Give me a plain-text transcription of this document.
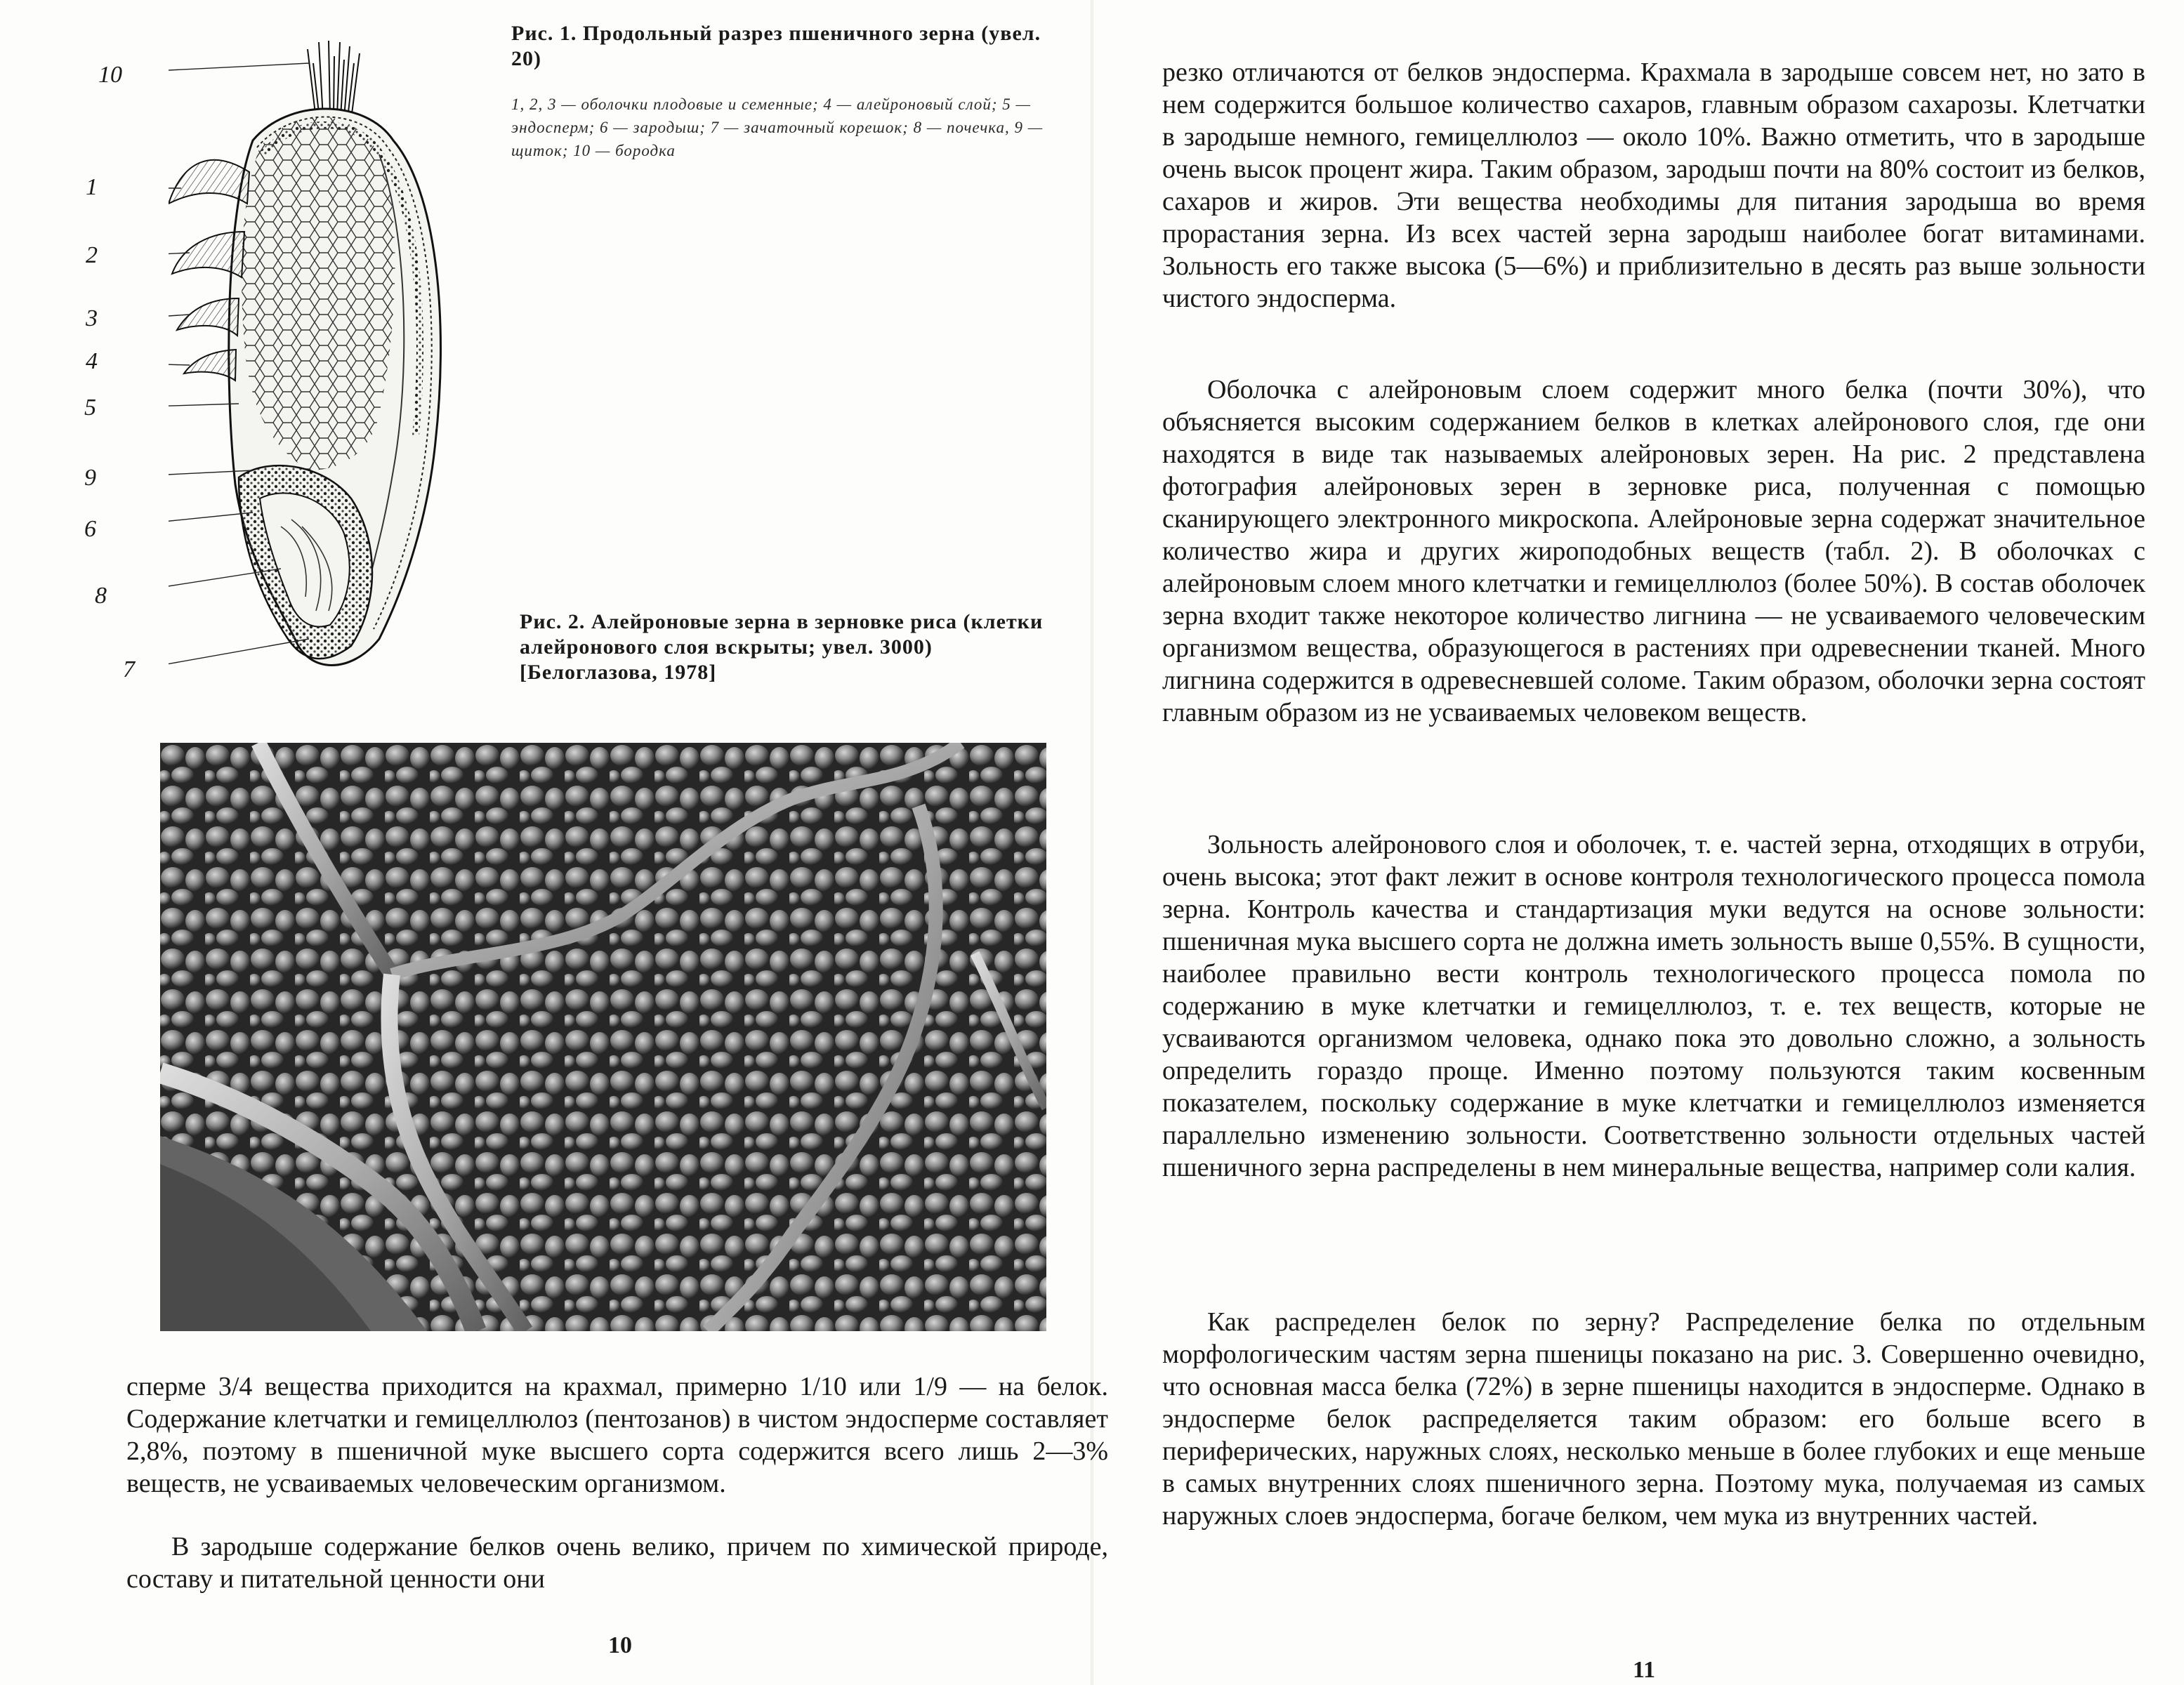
10
1
2
3
4
5
9
6
8
7
Рис. 1. Продольный разрез пшеничного зерна (увел. 20)
1, 2, 3 — оболочки плодовые и семенные; 4 — алейроновый слой; 5 — эндосперм; 6 — зародыш; 7 — зачаточный корешок; 8 — почечка, 9 — щиток; 10 — бородка
Рис. 2. Алейроновые зерна в зерновке риса (клетки алейронового слоя вскрыты; увел. 3000) [Белоглазова, 1978]

сперме 3/4 вещества приходится на крахмал, примерно 1/10 или 1/9 — на белок. Содержание клетчатки и гемицеллюлоз (пентозанов) в чистом эндосперме составляет 2,8%, поэтому в пшеничной муке высшего сорта содержится всего лишь 2—3% веществ, не усваиваемых человеческим организмом.

В зародыше содержание белков очень велико, причем по химической природе, составу и питательной ценности они

10

резко отличаются от белков эндосперма. Крахмала в зародыше совсем нет, но зато в нем содержится большое количество сахаров, главным образом сахарозы. Клетчатки в зародыше немного, гемицеллюлоз — около 10%. Важно отметить, что в зародыше очень высок процент жира. Таким образом, зародыш почти на 80% состоит из белков, сахаров и жиров. Эти вещества необходимы для питания зародыша во время прорастания зерна. Из всех частей зерна зародыш наиболее богат витаминами. Зольность его также высока (5—6%) и приблизительно в десять раз выше зольности чистого эндосперма.

Оболочка с алейроновым слоем содержит много белка (почти 30%), что объясняется высоким содержанием белков в клетках алейронового слоя, где они находятся в виде так называемых алейроновых зерен. На рис. 2 представлена фотография алейроновых зерен в зерновке риса, полученная с помощью сканирующего электронного микроскопа. Алейроновые зерна содержат значительное количество жира и других жироподобных веществ (табл. 2). В оболочках с алейроновым слоем много клетчатки и гемицеллюлоз (более 50%). В состав оболочек зерна входит также некоторое количество лигнина — не усваиваемого человеческим организмом вещества, образующегося в растениях при одревеснении тканей. Много лигнина содержится в одревесневшей соломе. Таким образом, оболочки зерна состоят главным образом из не усваиваемых человеком веществ.

Зольность алейронового слоя и оболочек, т. е. частей зерна, отходящих в отруби, очень высока; этот факт лежит в основе контроля технологического процесса помола зерна. Контроль качества и стандартизация муки ведутся на основе зольности: пшеничная мука высшего сорта не должна иметь зольность выше 0,55%. В сущности, наиболее правильно вести контроль технологического процесса помола по содержанию в муке клетчатки и гемицеллюлоз, т. е. тех веществ, которые не усваиваются организмом человека, однако пока это довольно сложно, а зольность определить гораздо проще. Именно поэтому пользуются таким косвенным показателем, поскольку содержание в муке клетчатки и гемицеллюлоз изменяется параллельно изменению зольности. Соответственно зольности отдельных частей пшеничного зерна распределены в нем минеральные вещества, например соли калия.

Как распределен белок по зерну? Распределение белка по отдельным морфологическим частям зерна пшеницы показано на рис. 3. Совершенно очевидно, что основная масса белка (72%) в зерне пшеницы находится в эндосперме. Однако в эндосперме белок распределяется таким образом: его больше всего в периферических, наружных слоях, несколько меньше в более глубоких и еще меньше в самых внутренних слоях пшеничного зерна. Поэтому мука, получаемая из самых наружных слоев эндосперма, богаче белком, чем мука из внутренних частей.

11
